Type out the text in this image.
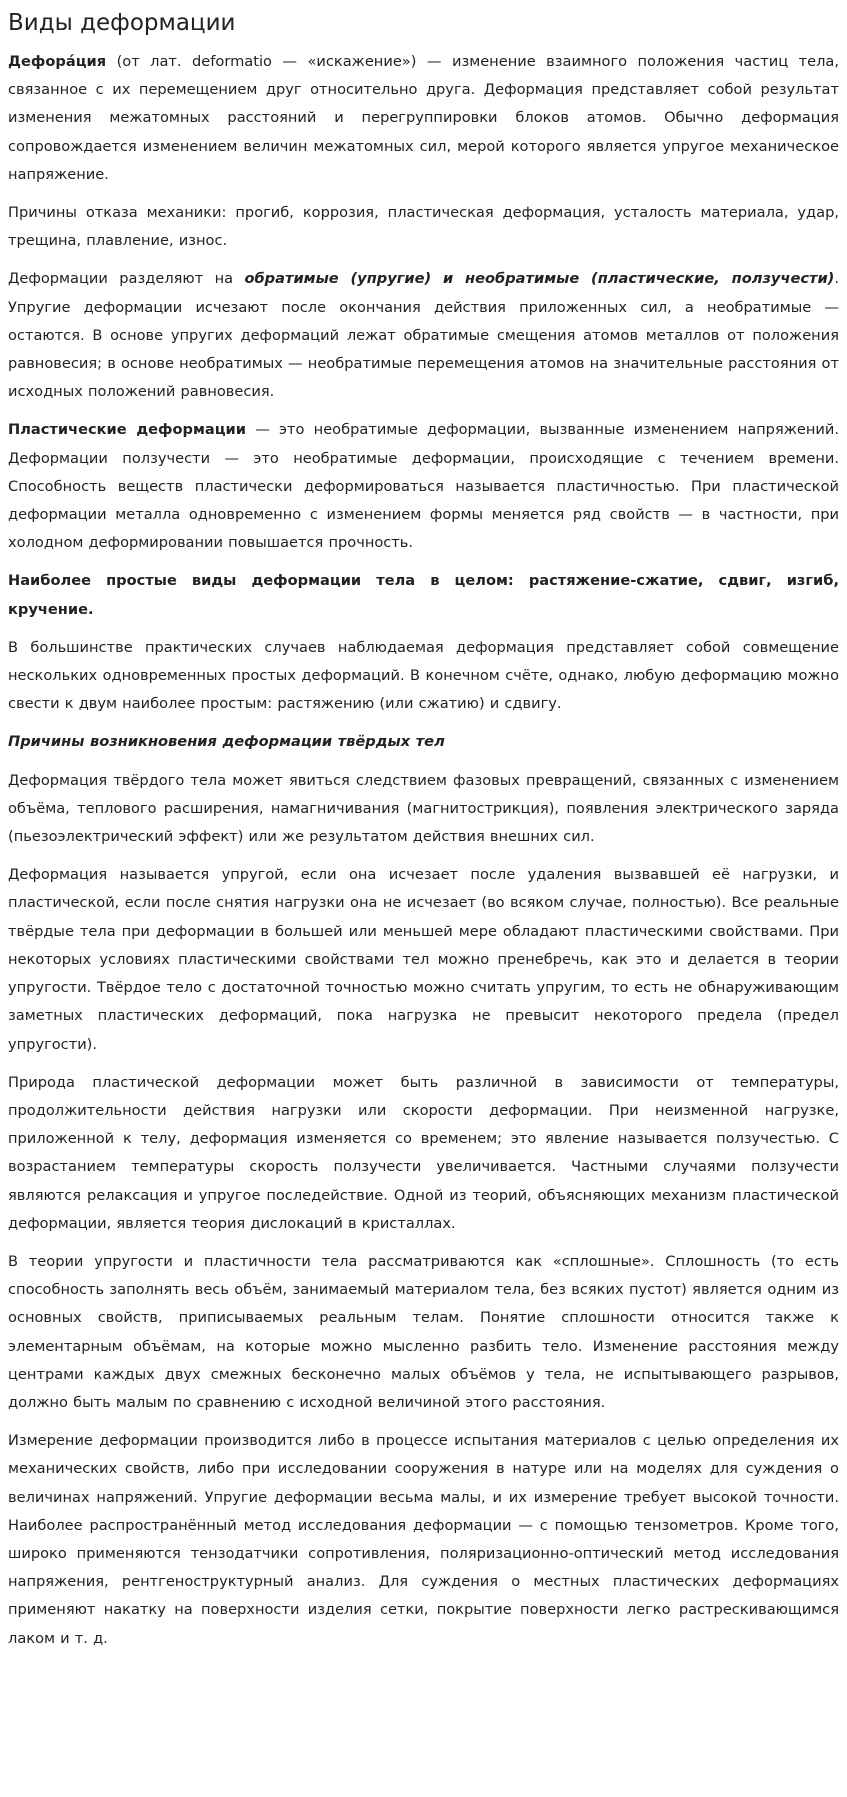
Виды деформации

Дефорáция (от лат. deformatio — «искажение») — изменение взаимного положения частиц тела, связанное с их перемещением друг относительно друга. Деформация представляет собой результат изменения межатомных расстояний и перегруппировки блоков атомов. Обычно деформация сопровождается изменением величин межатомных сил, мерой которого является упругое механическое напряжение.

Причины отказа механики: прогиб, коррозия, пластическая деформация, усталость материала, удар, трещина, плавление, износ.

Деформации разделяют на обратимые (упругие) и необратимые (пластические, ползучести). Упругие деформации исчезают после окончания действия приложенных сил, а необратимые — остаются. В основе упругих деформаций лежат обратимые смещения атомов металлов от положения равновесия; в основе необратимых — необратимые перемещения атомов на значительные расстояния от исходных положений равновесия.

Пластические деформации — это необратимые деформации, вызванные изменением напряжений. Деформации ползучести — это необратимые деформации, происходящие с течением времени. Способность веществ пластически деформироваться называется пластичностью. При пластической деформации металла одновременно с изменением формы меняется ряд свойств — в частности, при холодном деформировании повышается прочность.

Наиболее простые виды деформации тела в целом: растяжение-сжатие, сдвиг, изгиб, кручение.

В большинстве практических случаев наблюдаемая деформация представляет собой совмещение нескольких одновременных простых деформаций. В конечном счёте, однако, любую деформацию можно свести к двум наиболее простым: растяжению (или сжатию) и сдвигу.

Причины возникновения деформации твёрдых тел

Деформация твёрдого тела может явиться следствием фазовых превращений, связанных с изменением объёма, теплового расширения, намагничивания (магнитострикция), появления электрического заряда (пьезоэлектрический эффект) или же результатом действия внешних сил.

Деформация называется упругой, если она исчезает после удаления вызвавшей её нагрузки, и пластической, если после снятия нагрузки она не исчезает (во всяком случае, полностью). Все реальные твёрдые тела при деформации в большей или меньшей мере обладают пластическими свойствами. При некоторых условиях пластическими свойствами тел можно пренебречь, как это и делается в теории упругости. Твёрдое тело с достаточной точностью можно считать упругим, то есть не обнаруживающим заметных пластических деформаций, пока нагрузка не превысит некоторого предела (предел упругости).

Природа пластической деформации может быть различной в зависимости от температуры, продолжительности действия нагрузки или скорости деформации. При неизменной нагрузке, приложенной к телу, деформация изменяется со временем; это явление называется ползучестью. С возрастанием температуры скорость ползучести увеличивается. Частными случаями ползучести являются релаксация и упругое последействие. Одной из теорий, объясняющих механизм пластической деформации, является теория дислокаций в кристаллах.

В теории упругости и пластичности тела рассматриваются как «сплошные». Сплошность (то есть способность заполнять весь объём, занимаемый материалом тела, без всяких пустот) является одним из основных свойств, приписываемых реальным телам. Понятие сплошности относится также к элементарным объёмам, на которые можно мысленно разбить тело. Изменение расстояния между центрами каждых двух смежных бесконечно малых объёмов у тела, не испытывающего разрывов, должно быть малым по сравнению с исходной величиной этого расстояния.

Измерение деформации производится либо в процессе испытания материалов с целью определения их механических свойств, либо при исследовании сооружения в натуре или на моделях для суждения о величинах напряжений. Упругие деформации весьма малы, и их измерение требует высокой точности. Наиболее распространённый метод исследования деформации — с помощью тензометров. Кроме того, широко применяются тензодатчики сопротивления, поляризационно-оптический метод исследования напряжения, рентгеноструктурный анализ. Для суждения о местных пластических деформациях применяют накатку на поверхности изделия сетки, покрытие поверхности легко растрескивающимся лаком и т. д.
